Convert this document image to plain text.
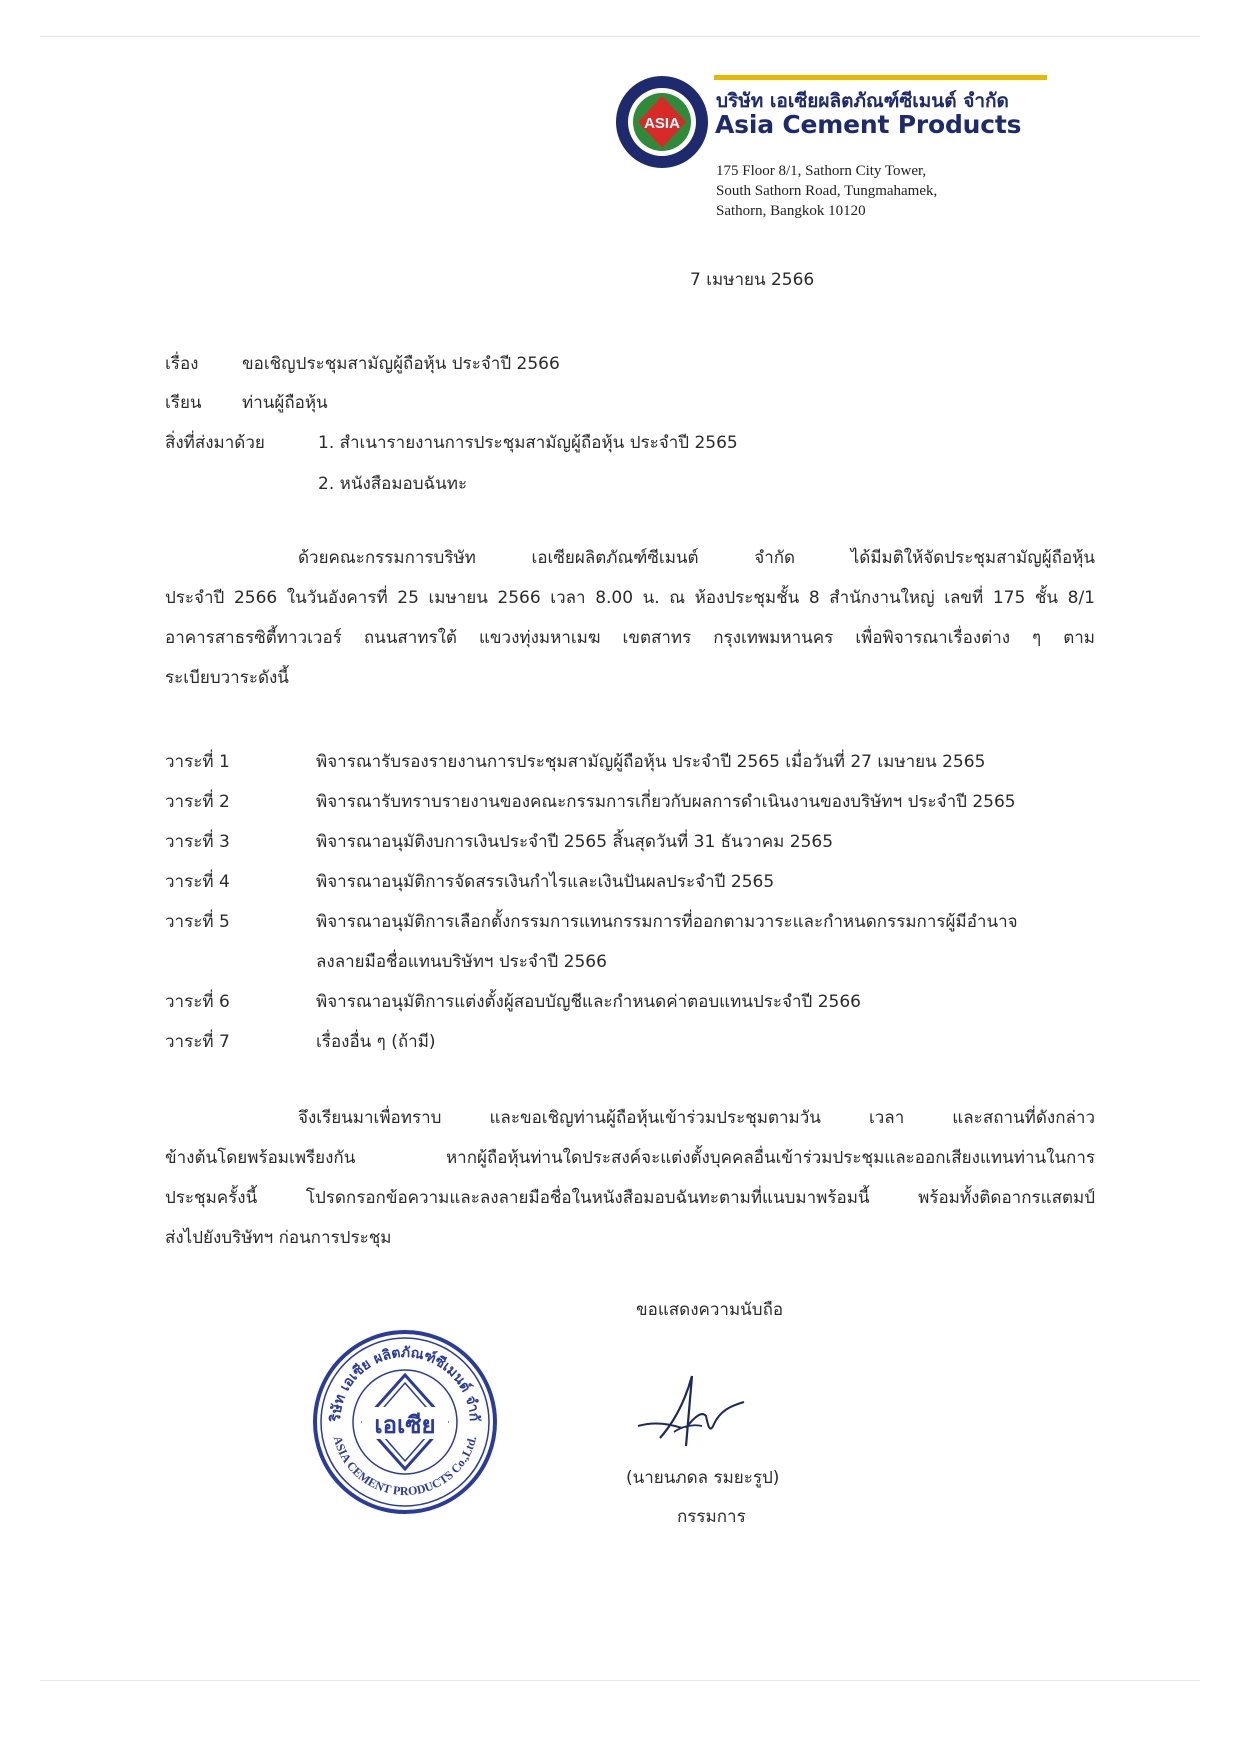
ASIA
บริษัท เอเซียผลิตภัณฑ์ซีเมนต์ จำกัด
Asia Cement Products
175 Floor 8/1, Sathorn City Tower,
South Sathorn Road, Tungmahamek,
Sathorn, Bangkok 10120
7 เมษายน 2566
เรื่อง	ขอเชิญประชุมสามัญผู้ถือหุ้น ประจำปี 2566
เรียน ท่านผู้ถือหุ้น
สิ่งที่ส่งมาด้วย	1. สำเนารายงานการประชุมสามัญผู้ถือหุ้น ประจำปี 2565
2. หนังสือมอบฉันทะ
ด้วยคณะกรรมการบริษัท เอเซียผลิตภัณฑ์ซีเมนต์ จำกัด ได้มีมติให้จัดประชุมสามัญผู้ถือหุ้น
ประจำปี 2566 ในวันอังคารที่ 25 เมษายน 2566 เวลา 8.00 น. ณ ห้องประชุมชั้น 8 สำนักงานใหญ่ เลขที่ 175 ชั้น 8/1
อาคารสาธรซิตี้ทาวเวอร์ ถนนสาทรใต้ แขวงทุ่งมหาเมฆ เขตสาทร กรุงเทพมหานคร เพื่อพิจารณาเรื่องต่าง ๆ ตาม
ระเบียบวาระดังนี้
วาระที่ 1	พิจารณารับรองรายงานการประชุมสามัญผู้ถือหุ้น ประจำปี 2565 เมื่อวันที่ 27 เมษายน 2565
วาระที่ 2	พิจารณารับทราบรายงานของคณะกรรมการเกี่ยวกับผลการดำเนินงานของบริษัทฯ ประจำปี 2565
วาระที่ 3	พิจารณาอนุมัติงบการเงินประจำปี 2565 สิ้นสุดวันที่ 31 ธันวาคม 2565
วาระที่ 4	พิจารณาอนุมัติการจัดสรรเงินกำไรและเงินปันผลประจำปี 2565
วาระที่ 5	พิจารณาอนุมัติการเลือกตั้งกรรมการแทนกรรมการที่ออกตามวาระและกำหนดกรรมการผู้มีอำนาจ
ลงลายมือชื่อแทนบริษัทฯ ประจำปี 2566
วาระที่ 6	พิจารณาอนุมัติการแต่งตั้งผู้สอบบัญชีและกำหนดค่าตอบแทนประจำปี 2566
วาระที่ 7	เรื่องอื่น ๆ (ถ้ามี)
จึงเรียนมาเพื่อทราบ และขอเชิญท่านผู้ถือหุ้นเข้าร่วมประชุมตามวัน เวลา และสถานที่ดังกล่าว
ข้างต้นโดยพร้อมเพรียงกัน หากผู้ถือหุ้นท่านใดประสงค์จะแต่งตั้งบุคคลอื่นเข้าร่วมประชุมและออกเสียงแทนท่านในการ
ประชุมครั้งนี้ โปรดกรอกข้อความและลงลายมือชื่อในหนังสือมอบฉันทะตามที่แนบมาพร้อมนี้ พร้อมทั้งติดอากรแสตมป์
ส่งไปยังบริษัทฯ ก่อนการประชุม
ขอแสดงความนับถือ
(นายนภดล รมยะรูป)
กรรมการ
ริษัท เอเซีย ผลิตภัณฑ์ซีเมนต์ จำกั
ASIA CEMENT PRODUCTS Co.,Ltd.
เอเซีย
